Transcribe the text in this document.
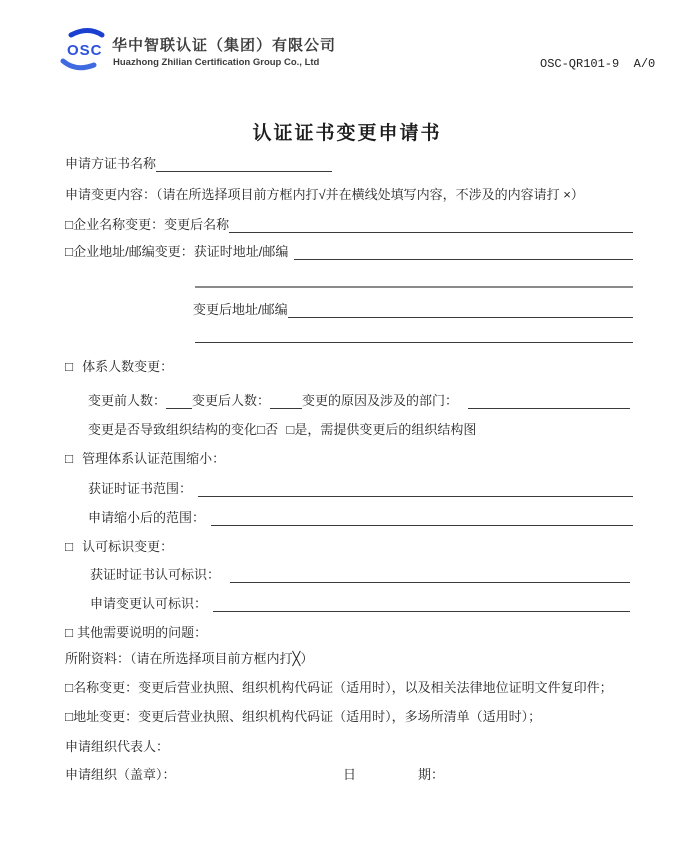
OSC 华中智联认证（集团）有限公司
Huazhong Zhilian Certification Group Co., Ltd	OSC-QR101-9  A/0
认证证书变更申请书
申请方证书名称
申请变更内容：（请在所选择项目前方框内打√并在横线处填写内容，不涉及的内容请打 ×）
□ 企业名称变更：变更后名称
□ 企业地址/邮编变更：获证时地址/邮编
变更后地址/邮编
□ 体系人数变更：
变更前人数： 变更后人数： 变更的原因及涉及的部门：
变更是否导致组织结构的变化 □ 否 □ 是，需提供变更后的组织结构图
□ 管理体系认证范围缩小：
获证时证书范围：
申请缩小后的范围：
□ 认可标识变更：
获证时证书认可标识：
申请变更认可标识：
□ 其他需要说明的问题：
所附资料：（请在所选择项目前方框内打╳）
□ 名称变更：变更后营业执照、组织机构代码证（适用时），以及相关法律地位证明文件复印件；
□ 地址变更：变更后营业执照、组织机构代码证（适用时），多场所清单（适用时）；
申请组织代表人：
申请组织（盖章）：	日	期：
